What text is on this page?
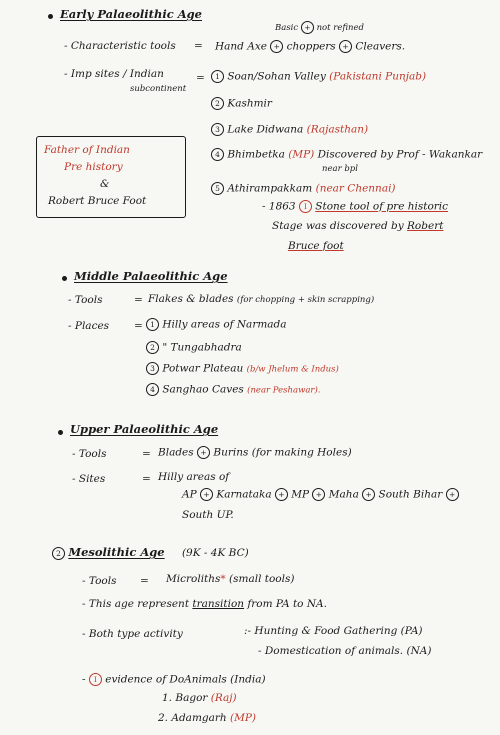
Early Palaeolithic Age
Basic + not refined
- Characteristic tools = Hand Axe + choppers + Cleavers.
- Imp sites / Indian
subcontinent
=	1 Soan/Sohan Valley (Pakistani Punjab)
2 Kashmir
3 Lake Didwana (Rajasthan)
4 Bhimbetka (MP) Discovered by Prof - Wakankar
near bpl
5 Athirampakkam (near Chennai)
- 1863 I Stone tool of pre historic
Stage was discovered by Robert
Bruce foot
Father of Indian
Pre history
&
Robert Bruce Foot
Middle Palaeolithic Age
- Tools	= Flakes & blades (for chopping + skin scrapping)
- Places = 1 Hilly areas of Narmada
2 " Tungabhadra
3 Potwar Plateau (b/w Jhelum & Indus)
4 Sanghao Caves (near Peshawar).
Upper Palaeolithic Age
- Tools	= Blades + Burins (for making Holes)
- Sites	= Hilly areas of
AP + Karnataka + MP + Maha + South Bihar +
South UP.
2 Mesolithic Age (9K - 4K BC)
- Tools = Microliths* (small tools)
- This age represent transition from PA to NA.
- Both type activity	:- Hunting & Food Gathering (PA)
- Domestication of animals. (NA)
- I evidence of DoAnimals (India)
1. Bagor (Raj)
2. Adamgarh (MP)
